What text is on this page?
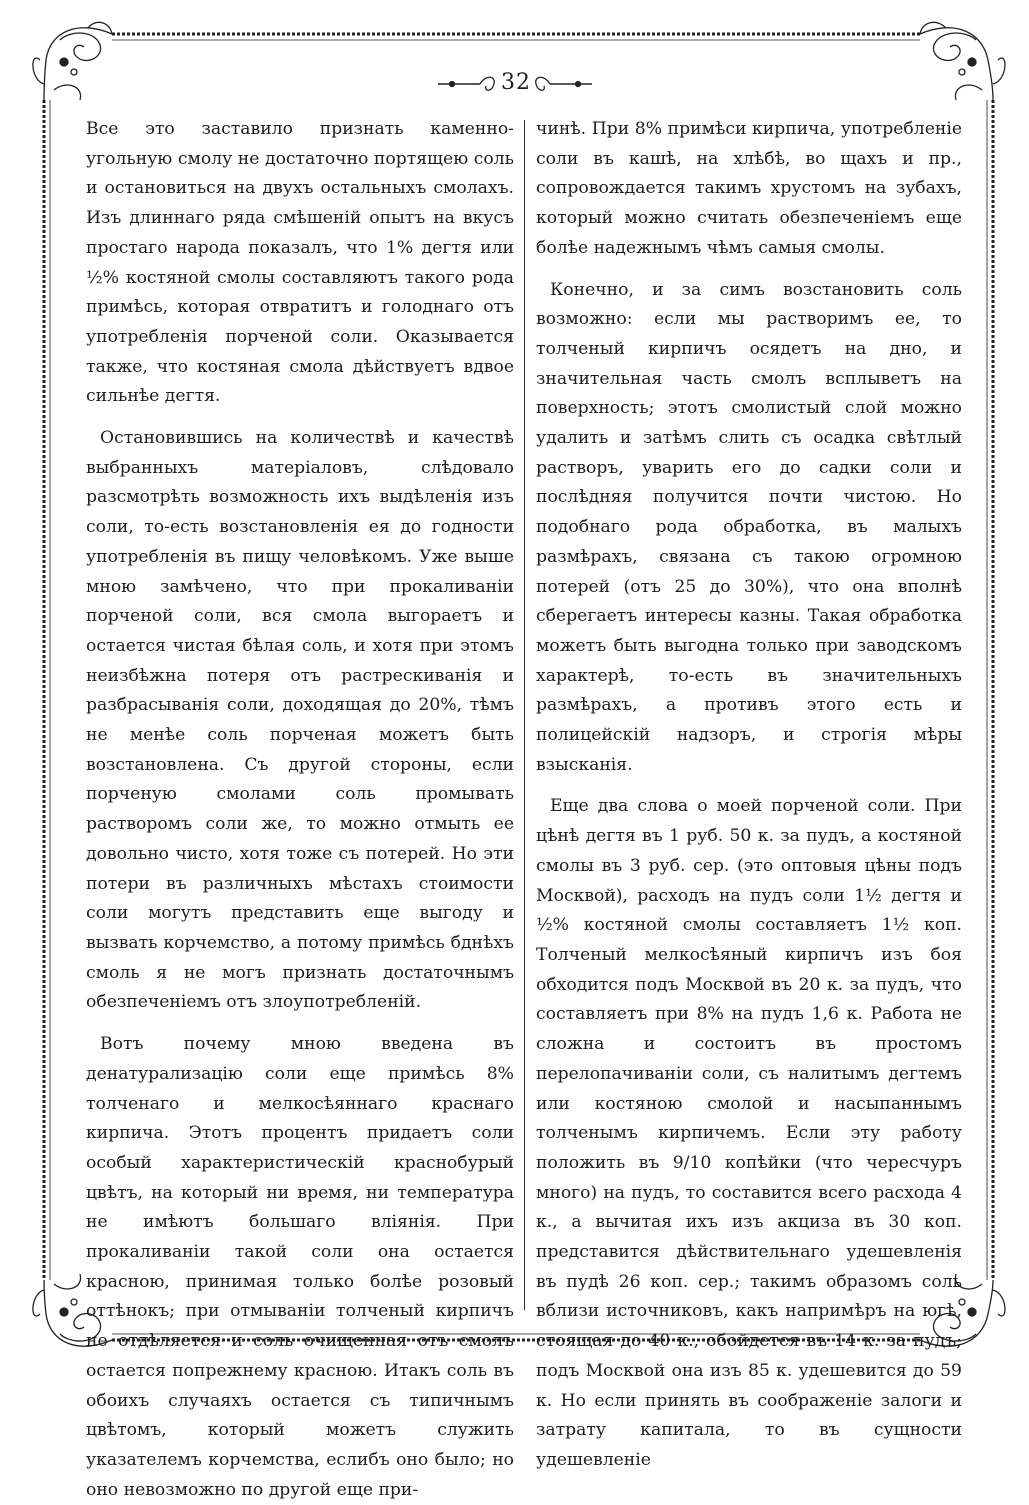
32

Все это заставило признать каменно-угольную смолу не достаточно портящею соль и остановиться на двухъ остальныхъ смолахъ. Изъ длиннаго ряда смѣшеній опытъ на вкусъ простаго народа показалъ, что 1% дегтя или ½% костяной смолы составляютъ такого рода примѣсь, которая отвратитъ и голоднаго отъ употребленія порченой соли. Оказывается также, что костяная смола дѣйствуетъ вдвое сильнѣе дегтя.

Остановившись на количествѣ и качествѣ выбранныхъ матеріаловъ, слѣдовало разсмотрѣть возможность ихъ выдѣленія изъ соли, то-есть возстановленія ея до годности употребленія въ пищу человѣкомъ. Уже выше мною замѣчено, что при прокаливаніи порченой соли, вся смола выгораетъ и остается чистая бѣлая соль, и хотя при этомъ неизбѣжна потеря отъ растрескиванія и разбрасыванія соли, доходящая до 20%, тѣмъ не менѣе соль порченая можетъ быть возстановлена. Съ другой стороны, если порченую смолами соль промывать растворомъ соли же, то можно отмыть ее довольно чисто, хотя тоже съ потерей. Но эти потери въ различныхъ мѣстахъ стоимости соли могутъ представить еще выгоду и вызвать корчемство, а потому примѣсь бднѣхъ смоль я не могъ признать достаточнымъ обезпеченіемъ отъ злоупотребленій.

Вотъ почему мною введена въ денатурализацію соли еще примѣсь 8% толченаго и мелкосѣяннаго краснаго кирпича. Этотъ процентъ придаетъ соли особый характеристическій краснобурый цвѣтъ, на который ни время, ни температура не имѣютъ большаго вліянія. При прокаливаніи такой соли она остается красною, принимая только болѣе розовый оттѣнокъ; при отмываніи толченый кирпичъ не отдѣляется и соль очищенная отъ смолъ остается попрежнему красною. Итакъ соль въ обоихъ случаяхъ остается съ типичнымъ цвѣтомъ, который можетъ служить указателемъ корчемства, еслибъ оно было; но оно невозможно по другой еще при-

чинѣ. При 8% примѣси кирпича, употребленіе соли въ кашѣ, на хлѣбѣ, во щахъ и пр., сопровождается такимъ хрустомъ на зубахъ, который можно считать обезпеченіемъ еще болѣе надежнымъ чѣмъ самыя смолы.

Конечно, и за симъ возстановить соль возможно: если мы растворимъ ее, то толченый кирпичъ осядетъ на дно, и значительная часть смолъ всплыветъ на поверхность; этотъ смолистый слой можно удалить и затѣмъ слить съ осадка свѣтлый растворъ, уварить его до садки соли и послѣдняя получится почти чистою. Но подобнаго рода обработка, въ малыхъ размѣрахъ, связана съ такою огромною потерей (отъ 25 до 30%), что она вполнѣ сберегаетъ интересы казны. Такая обработка можетъ быть выгодна только при заводскомъ характерѣ, то-есть въ значительныхъ размѣрахъ, а противъ этого есть и полицейскій надзоръ, и строгія мѣры взысканія.

Еще два слова о моей порченой соли. При цѣнѣ дегтя въ 1 руб. 50 к. за пудъ, а костяной смолы въ 3 руб. сер. (это оптовыя цѣны подъ Москвой), расходъ на пудъ соли 1½ дегтя и ½% костяной смолы составляетъ 1½ коп. Толченый мелкосѣяный кирпичъ изъ боя обходится подъ Москвой въ 20 к. за пудъ, что составляетъ при 8% на пудъ 1,6 к. Работа не сложна и состоитъ въ простомъ перелопачиваніи соли, съ налитымъ дегтемъ или костяною смолой и насыпаннымъ толченымъ кирпичемъ. Если эту работу положить въ 9/10 копѣйки (что чересчуръ много) на пудъ, то составится всего расхода 4 к., а вычитая ихъ изъ акциза въ 30 коп. представится дѣйствительнаго удешевленія въ пудѣ 26 коп. сер.; такимъ образомъ соль вблизи источниковъ, какъ напримѣръ на югѣ, стоящая до 40 к., обойдется въ 14 к. за пудъ; подъ Москвой она изъ 85 к. удешевится до 59 к. Но если принять въ соображеніе залоги и затрату капитала, то въ сущности удешевленіе
